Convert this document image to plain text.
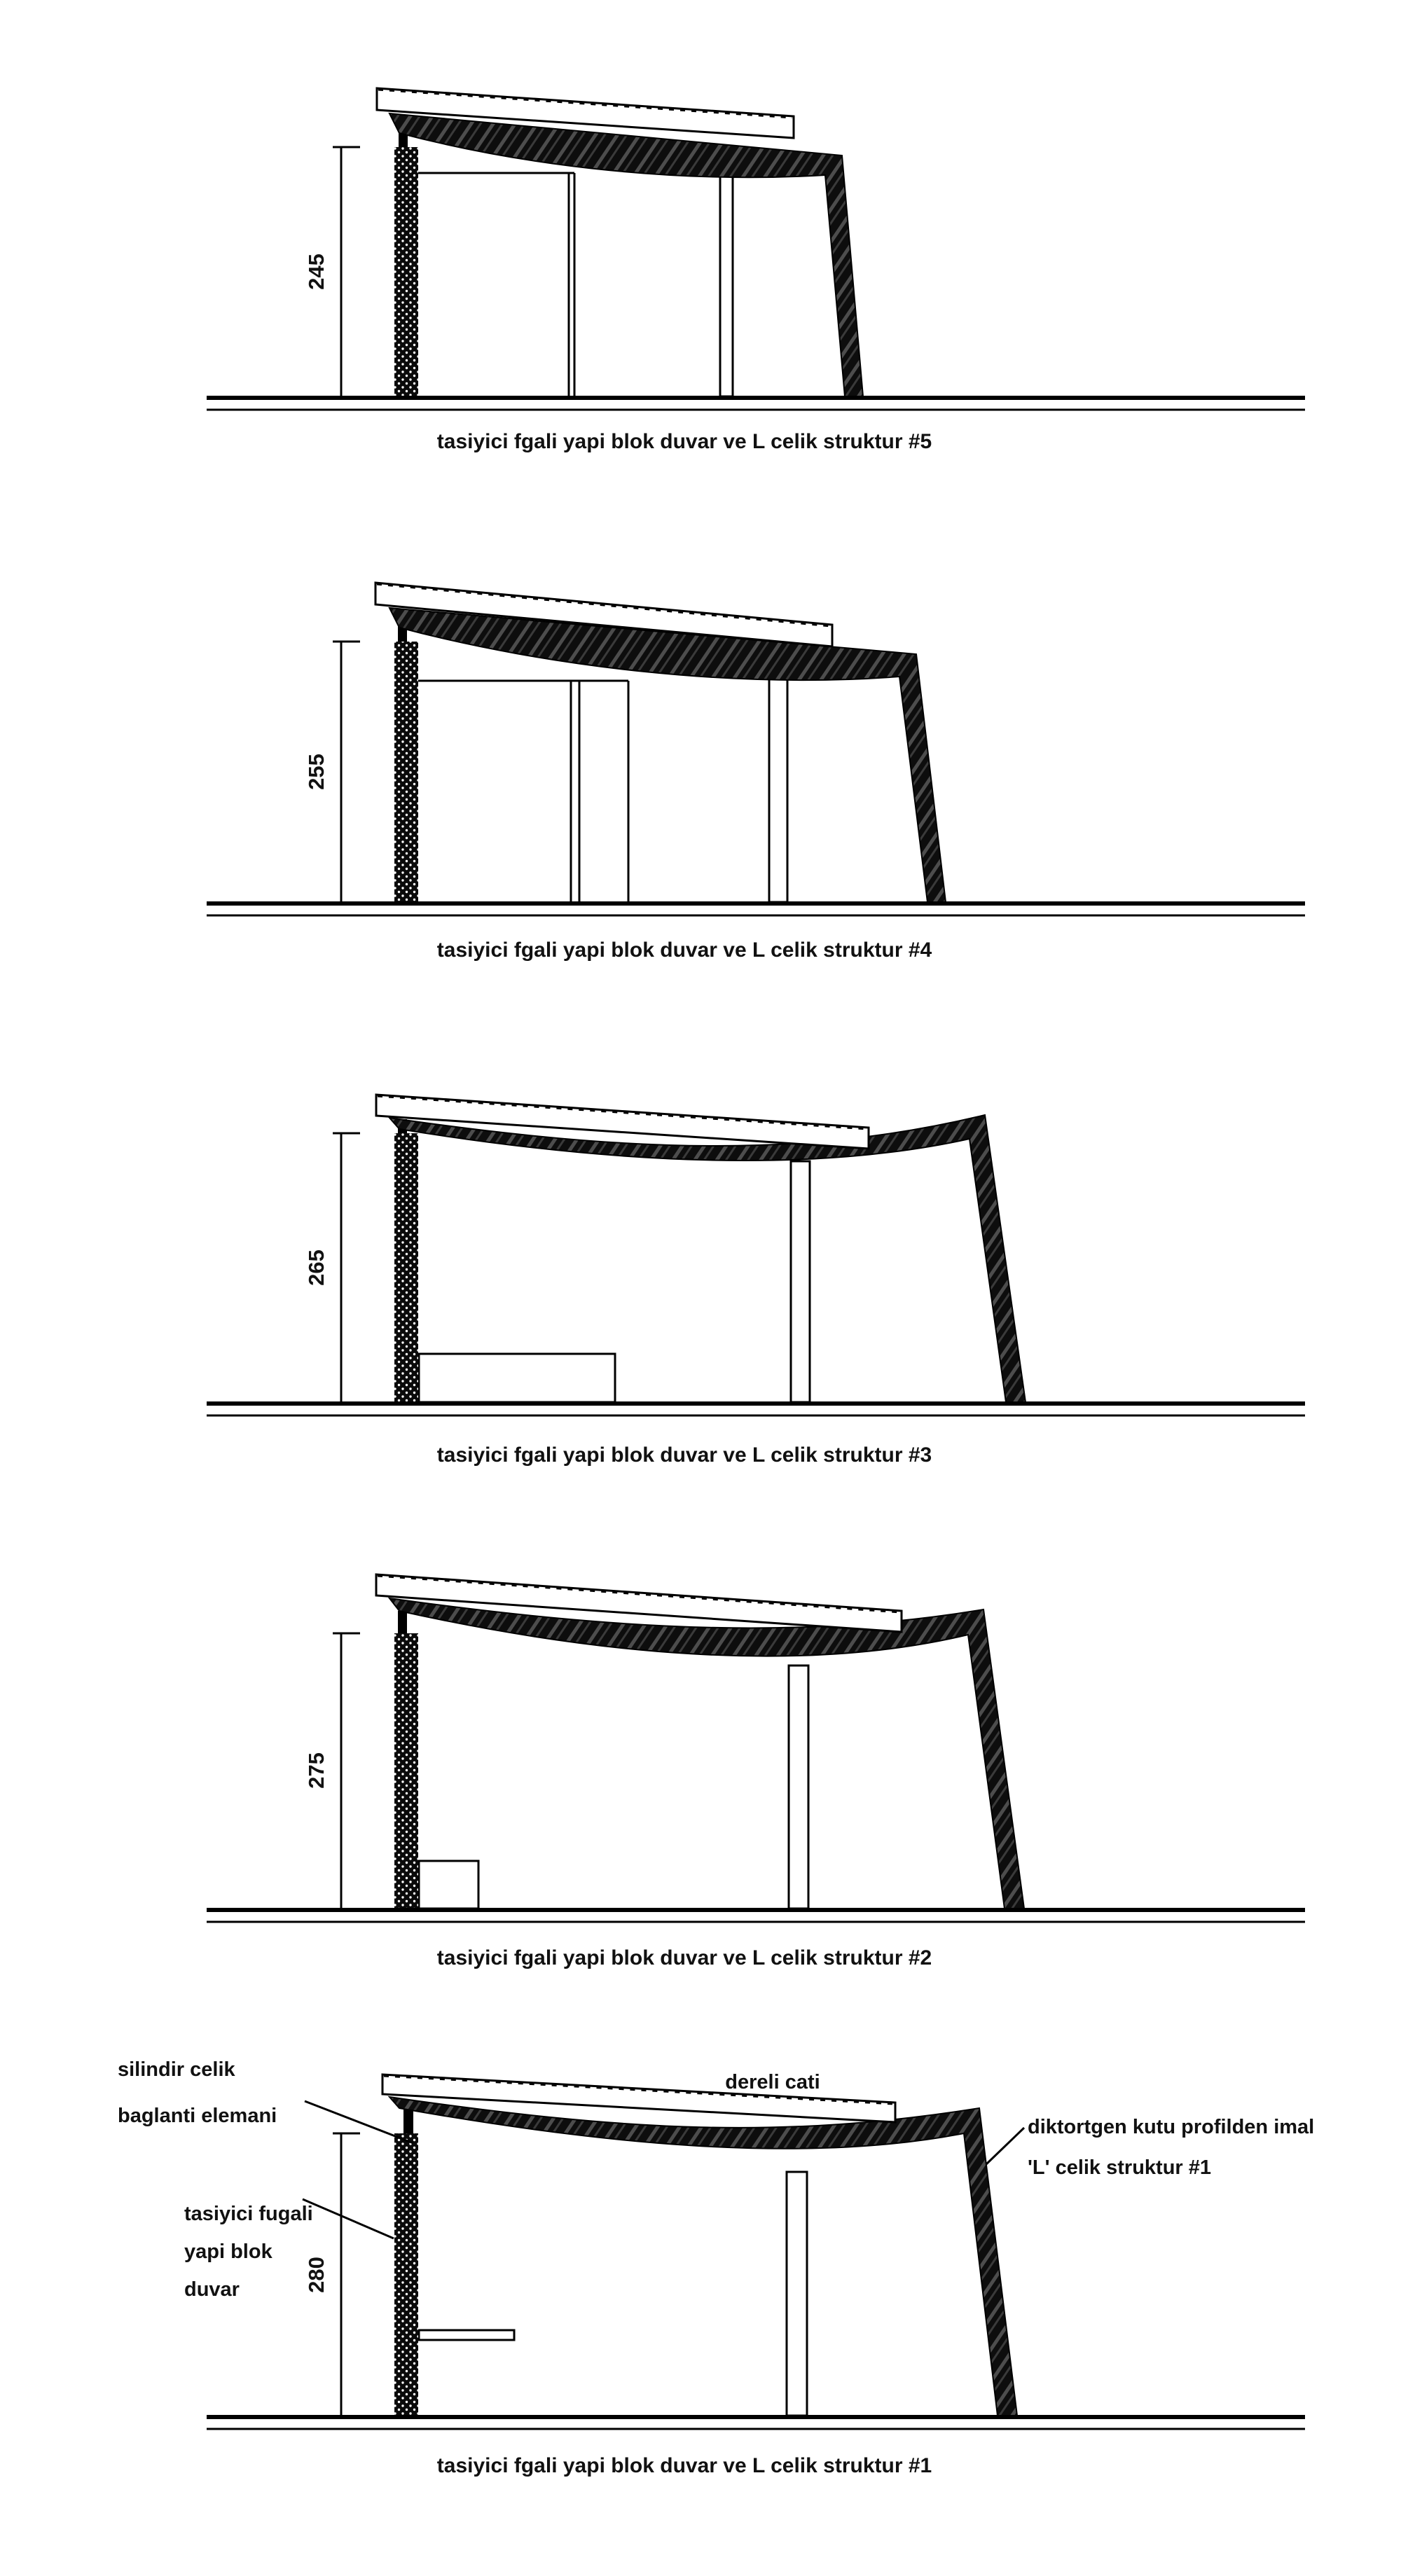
245
tasiyici fgali yapi blok duvar ve L celik struktur #5
255
tasiyici fgali yapi blok duvar ve L celik struktur #4
265
tasiyici fgali yapi blok duvar ve L celik struktur #3
275
tasiyici fgali yapi blok duvar ve L celik struktur #2
280
tasiyici fgali yapi blok duvar ve L celik struktur #1
silindir celik
baglanti elemani
tasiyici fugali
yapi blok
duvar
dereli cati
diktortgen kutu profilden imal
'L' celik struktur #1
